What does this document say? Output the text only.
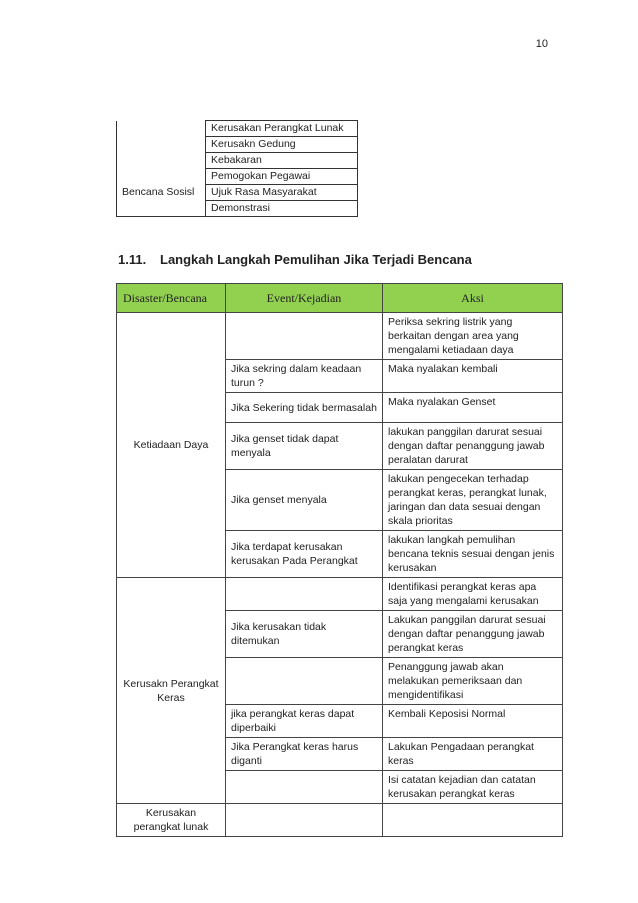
10
	Kerusakan Perangkat Lunak
	Kerusakn Gedung
	Kebakaran
	Pemogokan Pegawai
Bencana Sosisl	Ujuk Rasa Masyarakat
	Demonstrasi
1.11. Langkah Langkah Pemulihan Jika Terjadi Bencana
Disaster/Bencana	Event/Kejadian	Aksi
Ketiadaan Daya		Periksa sekring listrik yang berkaitan dengan area yang mengalami ketiadaan daya
	Jika sekring dalam keadaan turun ?	Maka nyalakan kembali
	Jika Sekering tidak bermasalah	Maka nyalakan Genset
	Jika genset tidak dapat menyala	lakukan panggilan darurat sesuai dengan daftar penanggung jawab peralatan darurat
	Jika genset menyala	lakukan pengecekan terhadap perangkat keras, perangkat lunak, jaringan dan data sesuai dengan skala prioritas
	Jika terdapat kerusakan kerusakan Pada Perangkat	lakukan langkah pemulihan bencana teknis sesuai dengan jenis kerusakan
Kerusakn Perangkat Keras		Identifikasi perangkat keras apa saja yang mengalami kerusakan
	Jika kerusakan tidak ditemukan	Lakukan panggilan darurat sesuai dengan daftar penanggung jawab perangkat keras
		Penanggung jawab akan melakukan pemeriksaan dan mengidentifikasi
	jika perangkat keras dapat diperbaiki	Kembali Keposisi Normal
	Jika Perangkat keras harus diganti	Lakukan Pengadaan perangkat keras
		Isi catatan kejadian dan catatan kerusakan perangkat keras
Kerusakan perangkat lunak		
